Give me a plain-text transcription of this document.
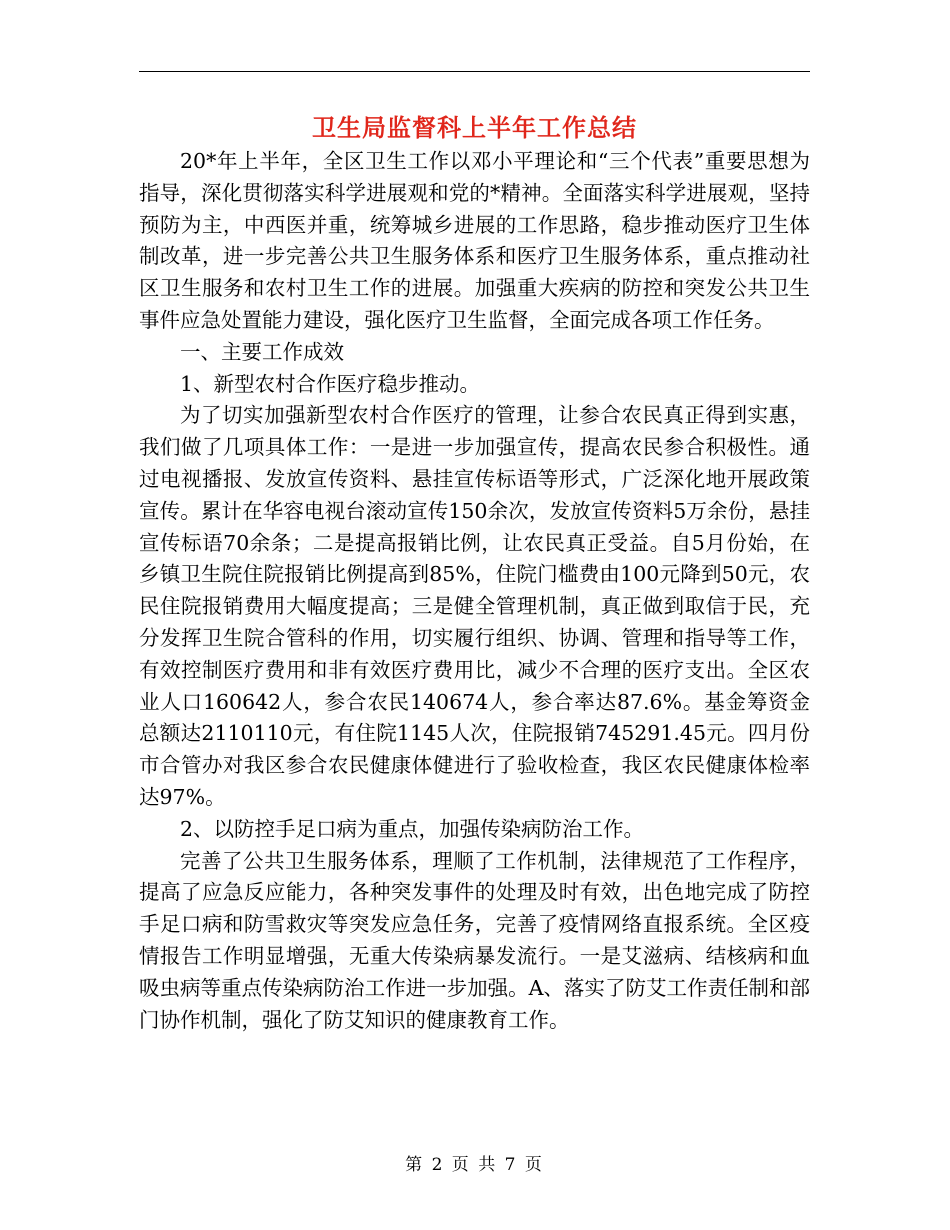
卫生局监督科上半年工作总结

20*年上半年，全区卫生工作以邓小平理论和“三个代表”重要思想为指导，深化贯彻落实科学进展观和党的*精神。全面落实科学进展观，坚持预防为主，中西医并重，统筹城乡进展的工作思路，稳步推动医疗卫生体制改革，进一步完善公共卫生服务体系和医疗卫生服务体系，重点推动社区卫生服务和农村卫生工作的进展。加强重大疾病的防控和突发公共卫生事件应急处置能力建设，强化医疗卫生监督，全面完成各项工作任务。

一、主要工作成效

1、新型农村合作医疗稳步推动。

为了切实加强新型农村合作医疗的管理，让参合农民真正得到实惠，我们做了几项具体工作：一是进一步加强宣传，提高农民参合积极性。通过电视播报、发放宣传资料、悬挂宣传标语等形式，广泛深化地开展政策宣传。累计在华容电视台滚动宣传150余次，发放宣传资料5万余份，悬挂宣传标语70余条；二是提高报销比例，让农民真正受益。自5月份始，在乡镇卫生院住院报销比例提高到85%，住院门槛费由100元降到50元，农民住院报销费用大幅度提高；三是健全管理机制，真正做到取信于民，充分发挥卫生院合管科的作用，切实履行组织、协调、管理和指导等工作，有效控制医疗费用和非有效医疗费用比，减少不合理的医疗支出。全区农业人口160642人，参合农民140674人，参合率达87.6%。基金筹资金总额达2110110元，有住院1145人次，住院报销745291.45元。四月份市合管办对我区参合农民健康体健进行了验收检查，我区农民健康体检率达97%。

2、以防控手足口病为重点，加强传染病防治工作。

完善了公共卫生服务体系，理顺了工作机制，法律规范了工作程序，提高了应急反应能力，各种突发事件的处理及时有效，出色地完成了防控手足口病和防雪救灾等突发应急任务，完善了疫情网络直报系统。全区疫情报告工作明显增强，无重大传染病暴发流行。一是艾滋病、结核病和血吸虫病等重点传染病防治工作进一步加强。A、落实了防艾工作责任制和部门协作机制，强化了防艾知识的健康教育工作。

第 2 页 共 7 页
